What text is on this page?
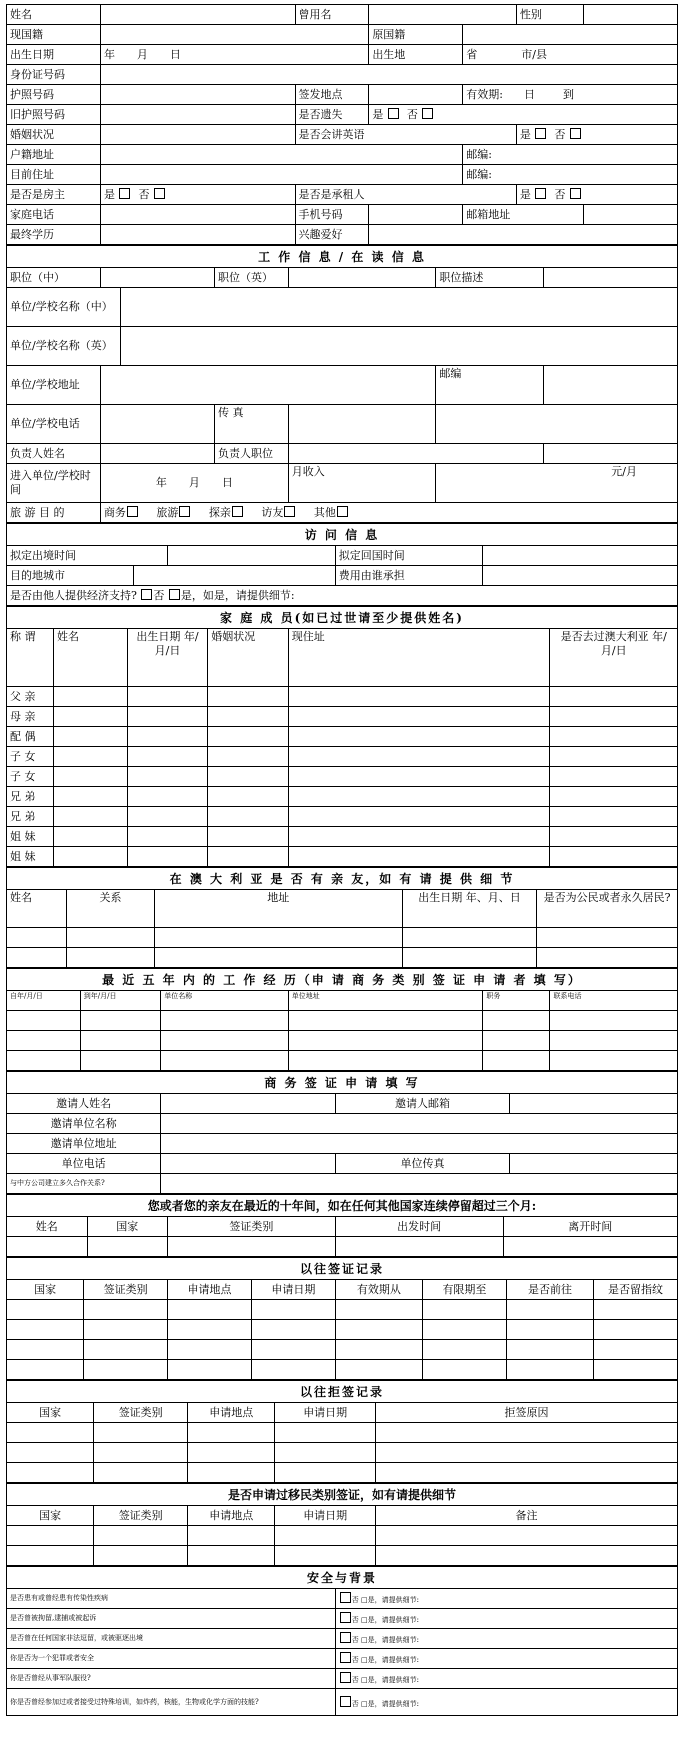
姓名		曾用名			性别	
现国籍			原国籍			
出生日期	年　　月　　日		出生地	省　　　　市/县		
身份证号码						
护照号码		签发地点		有效期: 日 到		
旧护照号码		是否遗失	是 否			
婚姻状况		是否会讲英语			是 否	
户籍地址				邮编:		
目前住址				邮编:		
是否是房主	是 否	是否是承租人			是 否	
家庭电话		手机号码		邮箱地址		
最终学历		兴趣爱好				
工 作 信 息 / 在 读 信 息						
职位（中）			职位（英）		职位描述	
单位/学校名称（中）						
单位/学校名称（英）						
单位/学校地址					邮编	
单位/学校电话			传 真			
负责人姓名			负责人职位			
进入单位/学校时间	年　　月　　日			月收入	元/月	
旅 游 目 的	商务 旅游 探亲 访友 其他					
访 问 信 息				
拟定出境时间			拟定回国时间	
目的地城市			费用由谁承担	
是否由他人提供经济支持? 否 是，如是，请提供细节:				
家 庭 成 员(如已过世请至少提供姓名)					
称 谓	姓名	出生日期 年/月/日	婚姻状况	现住址	是否去过澳大利亚 年/月/日
父 亲					
母 亲					
配 偶					
子 女					
子 女					
兄 弟					
兄 弟					
姐 妹					
姐 妹					
在 澳 大 利 亚 是 否 有 亲 友，如 有 请 提 供 细 节				
姓名	关系	地址	出生日期 年、月、日	是否为公民或者永久居民?

最 近 五 年 内 的 工 作 经 历（申 请 商 务 类 别 签 证 申 请 者 填 写）					
自年/月/日	到年/月/日	单位名称	单位地址	职务	联系电话

商 务 签 证 申 请 填 写			
邀请人姓名		邀请人邮箱	
邀请单位名称			
邀请单位地址			
单位电话		单位传真	
与中方公司建立多久合作关系?			
您或者您的亲友在最近的十年间，如在任何其他国家连续停留超过三个月:				
姓名	国家	签证类别	出发时间	离开时间

以往签证记录							
国家	签证类别	申请地点	申请日期	有效期从	有限期至	是否前往	是否留指纹

以往拒签记录				
国家	签证类别	申请地点	申请日期	拒签原因

是否申请过移民类别签证，如有请提供细节				
国家	签证类别	申请地点	申请日期	备注

安全与背景	
是否患有或曾经患有传染性疾病	否 □是，请提供细节:
是否曾被拘留,逮捕或被起诉	否 □是，请提供细节:
是否曾在任何国家非法逗留，或被驱逐出境	否 □是，请提供细节:
你是否为一个犯罪或者安全	否 □是，请提供细节:
你是否曾经从事军队服役?	否 □是，请提供细节:
你是否曾经参加过或者接受过特殊培训，如炸药，核能，生物或化学方面的技能?	否 □是，请提供细节:
